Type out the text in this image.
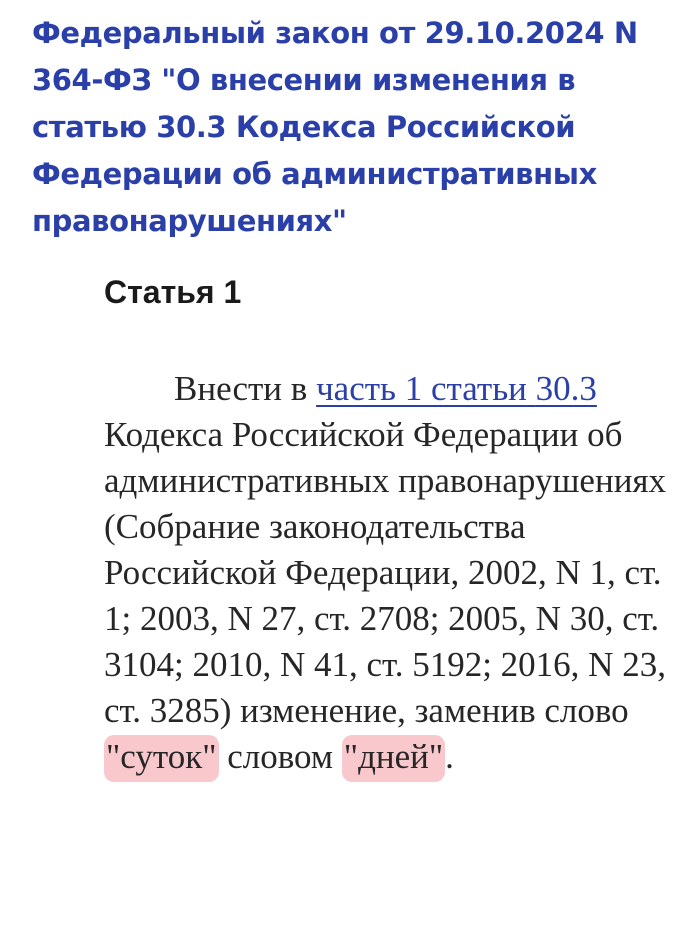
Федеральный закон от 29.10.2024 N 364-ФЗ "О внесении изменения в статью 30.3 Кодекса Российской Федерации об административных правонарушениях"
Статья 1

Внести в часть 1 статьи 30.3 Кодекса Российской Федерации об административных правонарушениях (Собрание законодательства Российской Федерации, 2002, N 1, ст. 1; 2003, N 27, ст. 2708; 2005, N 30, ст. 3104; 2010, N 41, ст. 5192; 2016, N 23, ст. 3285) изменение, заменив слово "суток" словом "дней".
